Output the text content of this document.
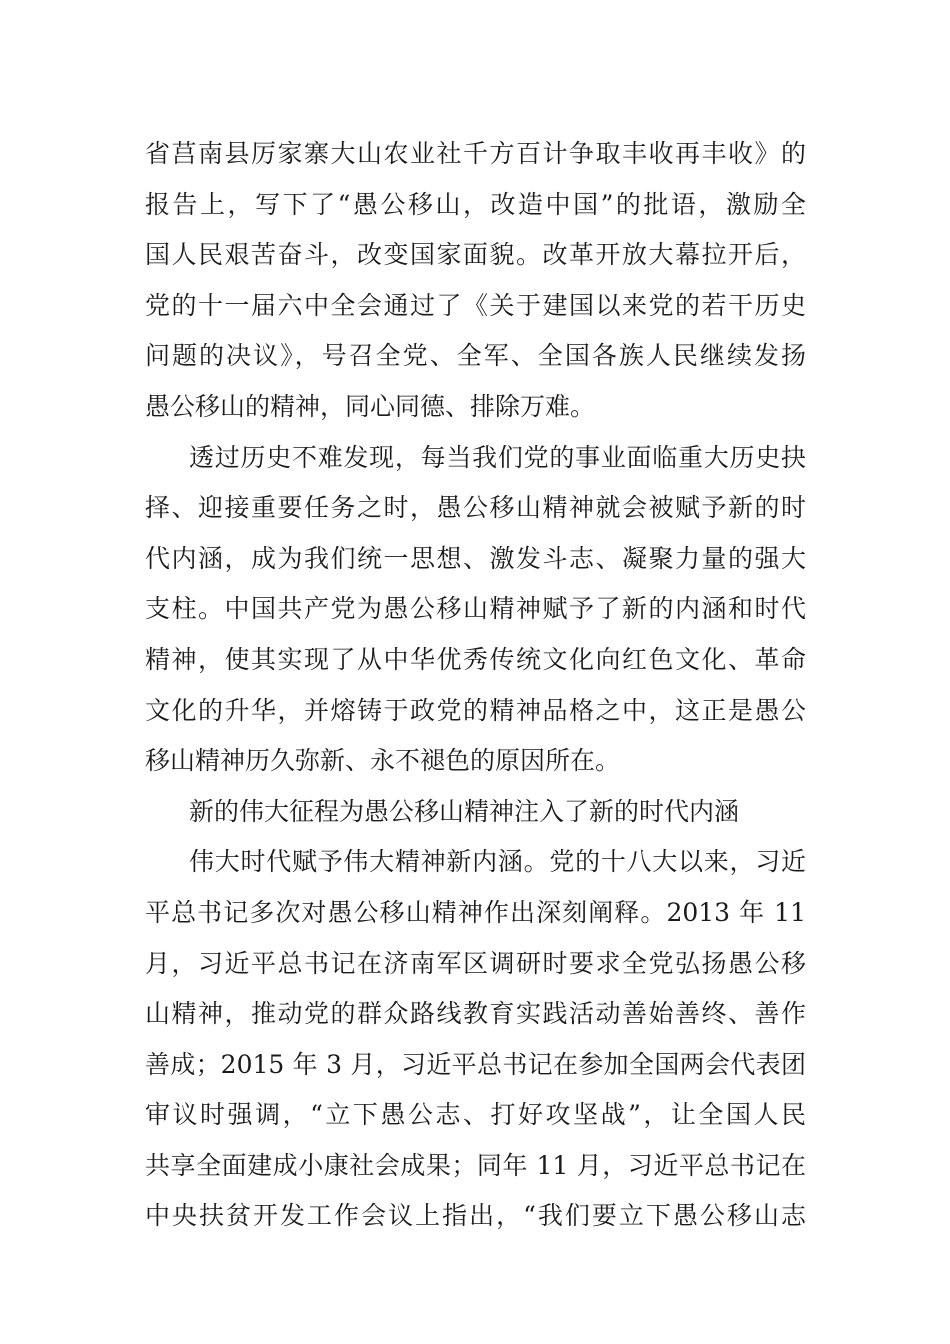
省莒南县厉家寨大山农业社千方百计争取丰收再丰收》的
报告上，写下了“愚公移山，改造中国”的批语，激励全
国人民艰苦奋斗，改变国家面貌。改革开放大幕拉开后，
党的十一届六中全会通过了《关于建国以来党的若干历史
问题的决议》，号召全党、全军、全国各族人民继续发扬
愚公移山的精神，同心同德、排除万难。
透过历史不难发现，每当我们党的事业面临重大历史抉
择、迎接重要任务之时，愚公移山精神就会被赋予新的时
代内涵，成为我们统一思想、激发斗志、凝聚力量的强大
支柱。中国共产党为愚公移山精神赋予了新的内涵和时代
精神，使其实现了从中华优秀传统文化向红色文化、革命
文化的升华，并熔铸于政党的精神品格之中，这正是愚公
移山精神历久弥新、永不褪色的原因所在。
新的伟大征程为愚公移山精神注入了新的时代内涵
伟大时代赋予伟大精神新内涵。党的十八大以来，习近
平总书记多次对愚公移山精神作出深刻阐释。2013 年 11
月，习近平总书记在济南军区调研时要求全党弘扬愚公移
山精神，推动党的群众路线教育实践活动善始善终、善作
善成；2015 年 3 月，习近平总书记在参加全国两会代表团
审议时强调，“立下愚公志、打好攻坚战”，让全国人民
共享全面建成小康社会成果；同年 11 月，习近平总书记在
中央扶贫开发工作会议上指出，“我们要立下愚公移山志
